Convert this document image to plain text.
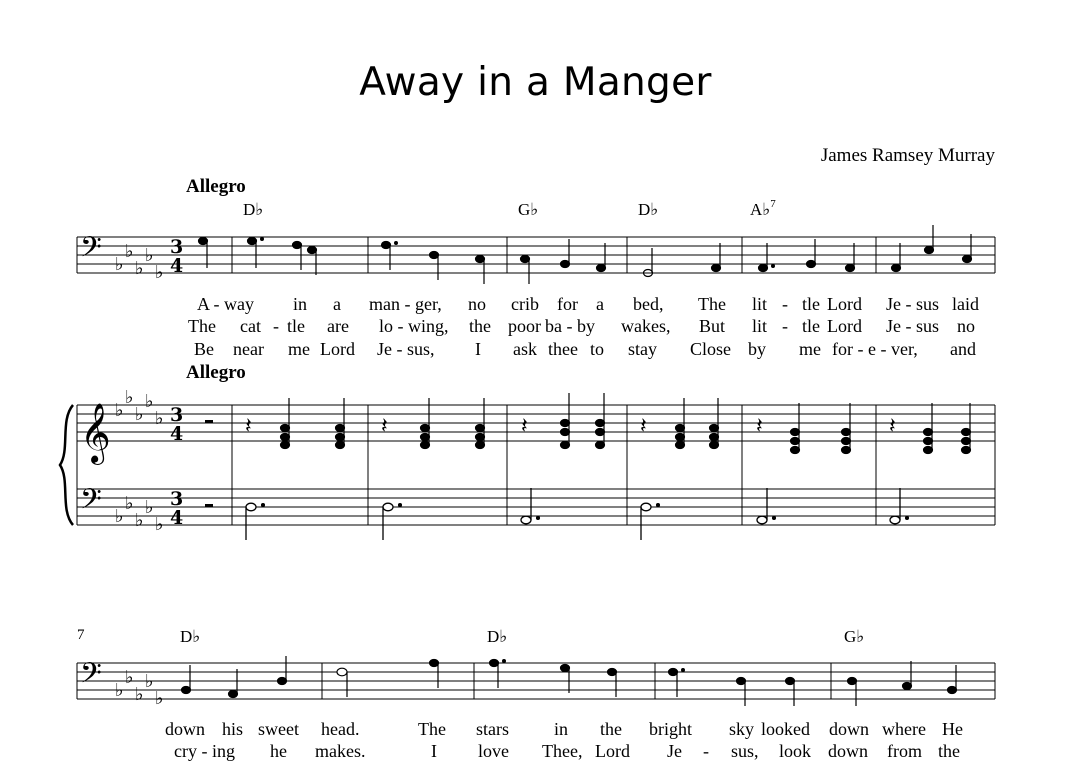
Away in a Manger
James Ramsey Murray
Allegro
Allegro
D♭	G♭	D♭	A♭$^7$
7	D♭	D♭	G♭
A - way in a man - ger, no crib for a bed, The lit - tle Lord Je - sus laid
The cat - tle are lo - wing, the poor ba - by wakes, But lit - tle Lord Je - sus no
Be near me Lord Je - sus, I ask thee to stay Close by me for - e - ver, and
down his sweet head.	The stars	in the bright sky looked down where He
cry - ing he makes.	I love Thee, Lord Je - sus, look down from the
𝄢
𝄞
𝄢
𝄢
♭
♭
♭
♭
♭
♭
♭
♭
♭
♭
♭
♭
♭
♭
♭
♭
♭
♭
♭
♭
3
4
3
4
3
4
𝄽	𝄽	𝄽	𝄽	𝄽	𝄽
